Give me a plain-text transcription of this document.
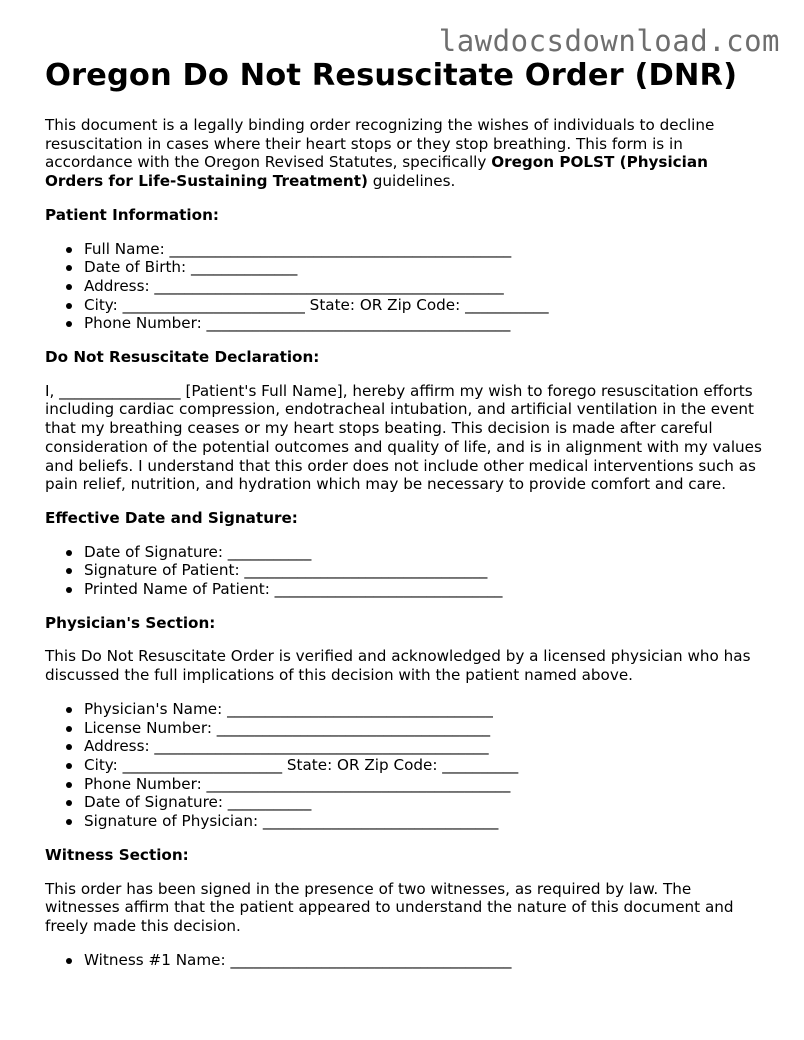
lawdocsdownload.com
Oregon Do Not Resuscitate Order (DNR)

This document is a legally binding order recognizing the wishes of individuals to decline resuscitation in cases where their heart stops or they stop breathing. This form is in accordance with the Oregon Revised Statutes, specifically Oregon POLST (Physician Orders for Life-Sustaining Treatment) guidelines.

Patient Information:

Full Name: _____________________________________________
Date of Birth: ______________
Address: ______________________________________________
City: ________________________ State: OR Zip Code: ___________
Phone Number: ________________________________________

Do Not Resuscitate Declaration:

I, ________________ [Patient's Full Name], hereby affirm my wish to forego resuscitation efforts including cardiac compression, endotracheal intubation, and artificial ventilation in the event that my breathing ceases or my heart stops beating. This decision is made after careful consideration of the potential outcomes and quality of life, and is in alignment with my values and beliefs. I understand that this order does not include other medical interventions such as pain relief, nutrition, and hydration which may be necessary to provide comfort and care.

Effective Date and Signature:

Date of Signature: ___________
Signature of Patient: ________________________________
Printed Name of Patient: ______________________________

Physician's Section:

This Do Not Resuscitate Order is verified and acknowledged by a licensed physician who has discussed the full implications of this decision with the patient named above.

Physician's Name: ___________________________________
License Number: ____________________________________
Address: ____________________________________________
City: _____________________ State: OR Zip Code: __________
Phone Number: ________________________________________
Date of Signature: ___________
Signature of Physician: _______________________________

Witness Section:

This order has been signed in the presence of two witnesses, as required by law. The witnesses affirm that the patient appeared to understand the nature of this document and freely made this decision.

Witness #1 Name: _____________________________________
